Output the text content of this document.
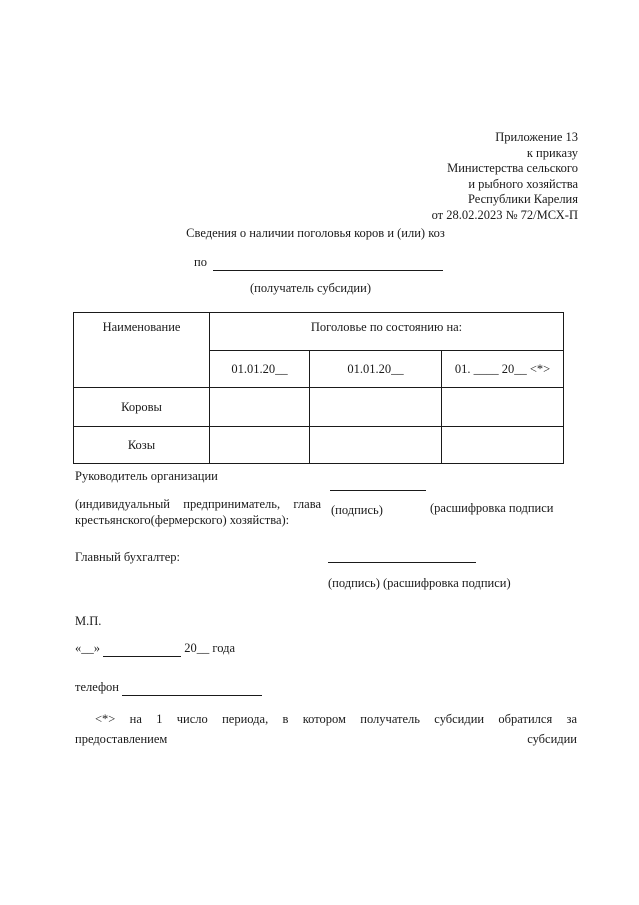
Приложение 13
к приказу
Министерства сельского
и рыбного хозяйства
Республики Карелия
от 28.02.2023 № 72/МСХ-П
Сведения о наличии поголовья коров и (или) коз
по
(получатель субсидии)
Наименование	Поголовье по состоянию на:		
	01.01.20__	01.01.20__	01. ____ 20__ <*>
Коровы			
Козы			
Руководитель организации
(индивидуальный предприниматель, глава
крестьянского(фермерского) хозяйства):
(подпись)	(расшифровка подписи
Главный бухгалтер:
(подпись) (расшифровка подписи)
М.П.
«__»	20__ года
телефон
<*> на 1 число периода, в котором получатель субсидии обратился за
предоставлением	субсидии
